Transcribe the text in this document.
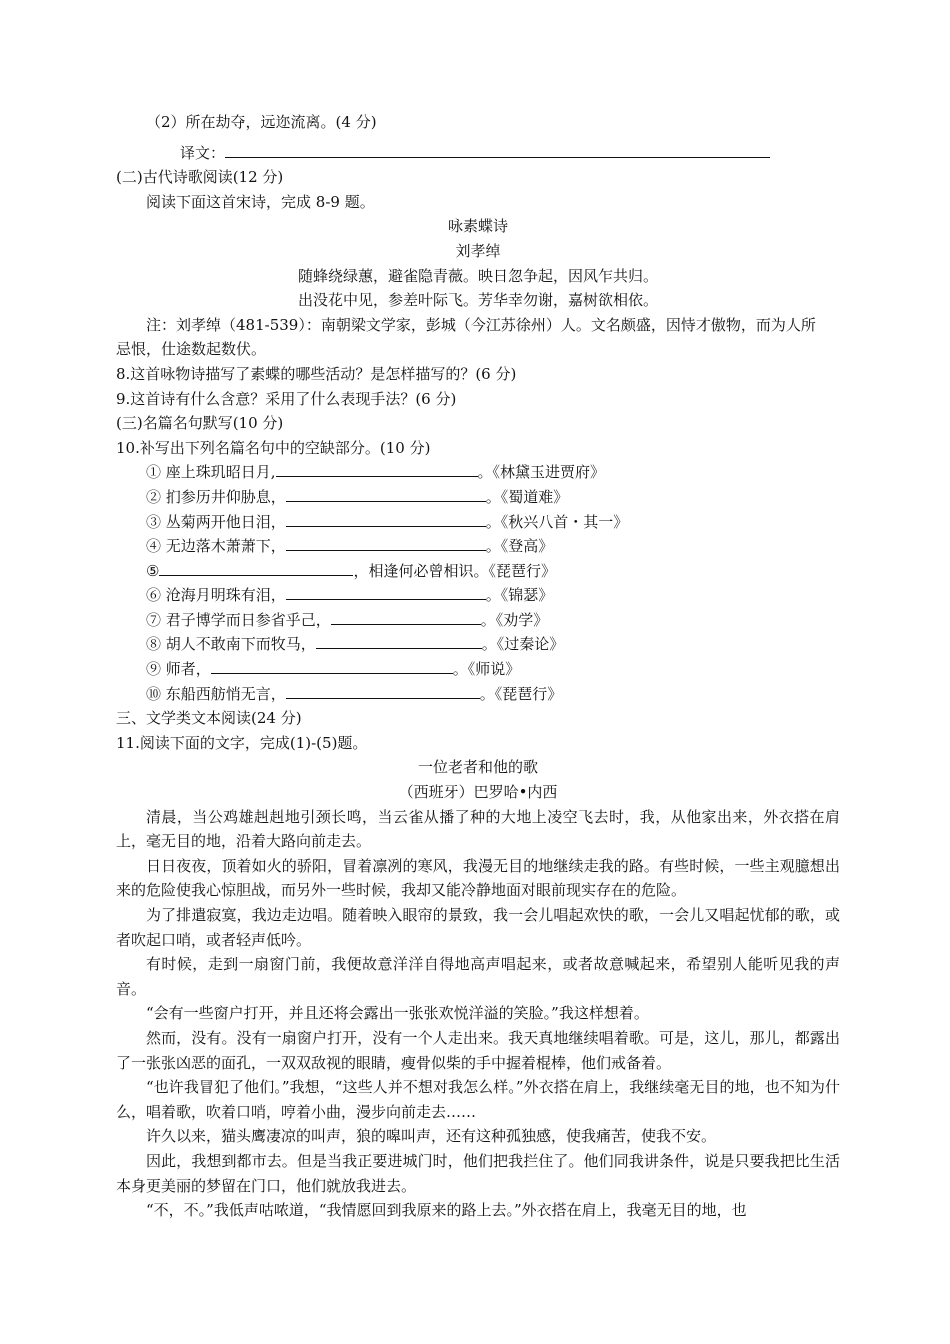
（2）所在劫夺，远迩流离。(4 分)
译文：
(二)古代诗歌阅读(12 分)
阅读下面这首宋诗，完成 8-9 题。
咏素蝶诗
刘孝绰
随蜂绕绿蕙，避雀隐青薇。映日忽争起，因风乍共归。
出没花中见，参差叶际飞。芳华幸勿谢，嘉树欲相依。
注：刘孝绰（481-539）：南朝梁文学家，彭城（今江苏徐州）人。文名颇盛，因恃才傲物，而为人所
忌恨，仕途数起数伏。
8.这首咏物诗描写了素蝶的哪些活动？是怎样描写的？(6 分)
9.这首诗有什么含意？采用了什么表现手法？(6 分)
(三)名篇名句默写(10 分)
10.补写出下列名篇名句中的空缺部分。(10 分)
① 座上珠玑昭日月,	。《林黛玉进贾府》
② 扪参历井仰胁息，	。《蜀道难》
③ 丛菊两开他日泪，	。《秋兴八首・其一》
④ 无边落木萧萧下，	。《登高》
⑤	，相逢何必曾相识。《琵琶行》
⑥ 沧海月明珠有泪，	。《锦瑟》
⑦ 君子博学而日参省乎己，	。《劝学》
⑧ 胡人不敢南下而牧马，	。《过秦论》
⑨ 师者，	。《师说》
⑩ 东船西舫悄无言，	。《琵琶行》
三、文学类文本阅读(24 分)
11.阅读下面的文字，完成(1)-(5)题。
一位老者和他的歌
（西班牙）巴罗哈•内西
清晨，当公鸡雄赳赳地引颈长鸣，当云雀从播了种的大地上凌空飞去时，我，从他家出来，外衣搭在肩上，毫无目的地，沿着大路向前走去。
日日夜夜，顶着如火的骄阳，冒着凛冽的寒风，我漫无目的地继续走我的路。有些时候，一些主观臆想出来的危险使我心惊胆战，而另外一些时候，我却又能冷静地面对眼前现实存在的危险。
为了排遣寂寞，我边走边唱。随着映入眼帘的景致，我一会儿唱起欢快的歌，一会儿又唱起忧郁的歌，或者吹起口哨，或者轻声低吟。
有时候，走到一扇窗门前，我便故意洋洋自得地高声唱起来，或者故意喊起来，希望别人能听见我的声音。
“会有一些窗户打开，并且还将会露出一张张欢悦洋溢的笑脸。”我这样想着。
然而，没有。没有一扇窗户打开，没有一个人走出来。我天真地继续唱着歌。可是，这儿，那儿，都露出了一张张凶恶的面孔，一双双敌视的眼睛，瘦骨似柴的手中握着棍棒，他们戒备着。
“也许我冒犯了他们。”我想，“这些人并不想对我怎么样。”外衣搭在肩上，我继续毫无目的地，也不知为什么，唱着歌，吹着口哨，哼着小曲，漫步向前走去……
许久以来，猫头鹰凄凉的叫声，狼的嗥叫声，还有这种孤独感，使我痛苦，使我不安。
因此，我想到都市去。但是当我正要进城门时，他们把我拦住了。他们同我讲条件，说是只要我把比生活本身更美丽的梦留在门口，他们就放我进去。
“不，不。”我低声咕哝道，“我情愿回到我原来的路上去。”外衣搭在肩上，我毫无目的地，也
